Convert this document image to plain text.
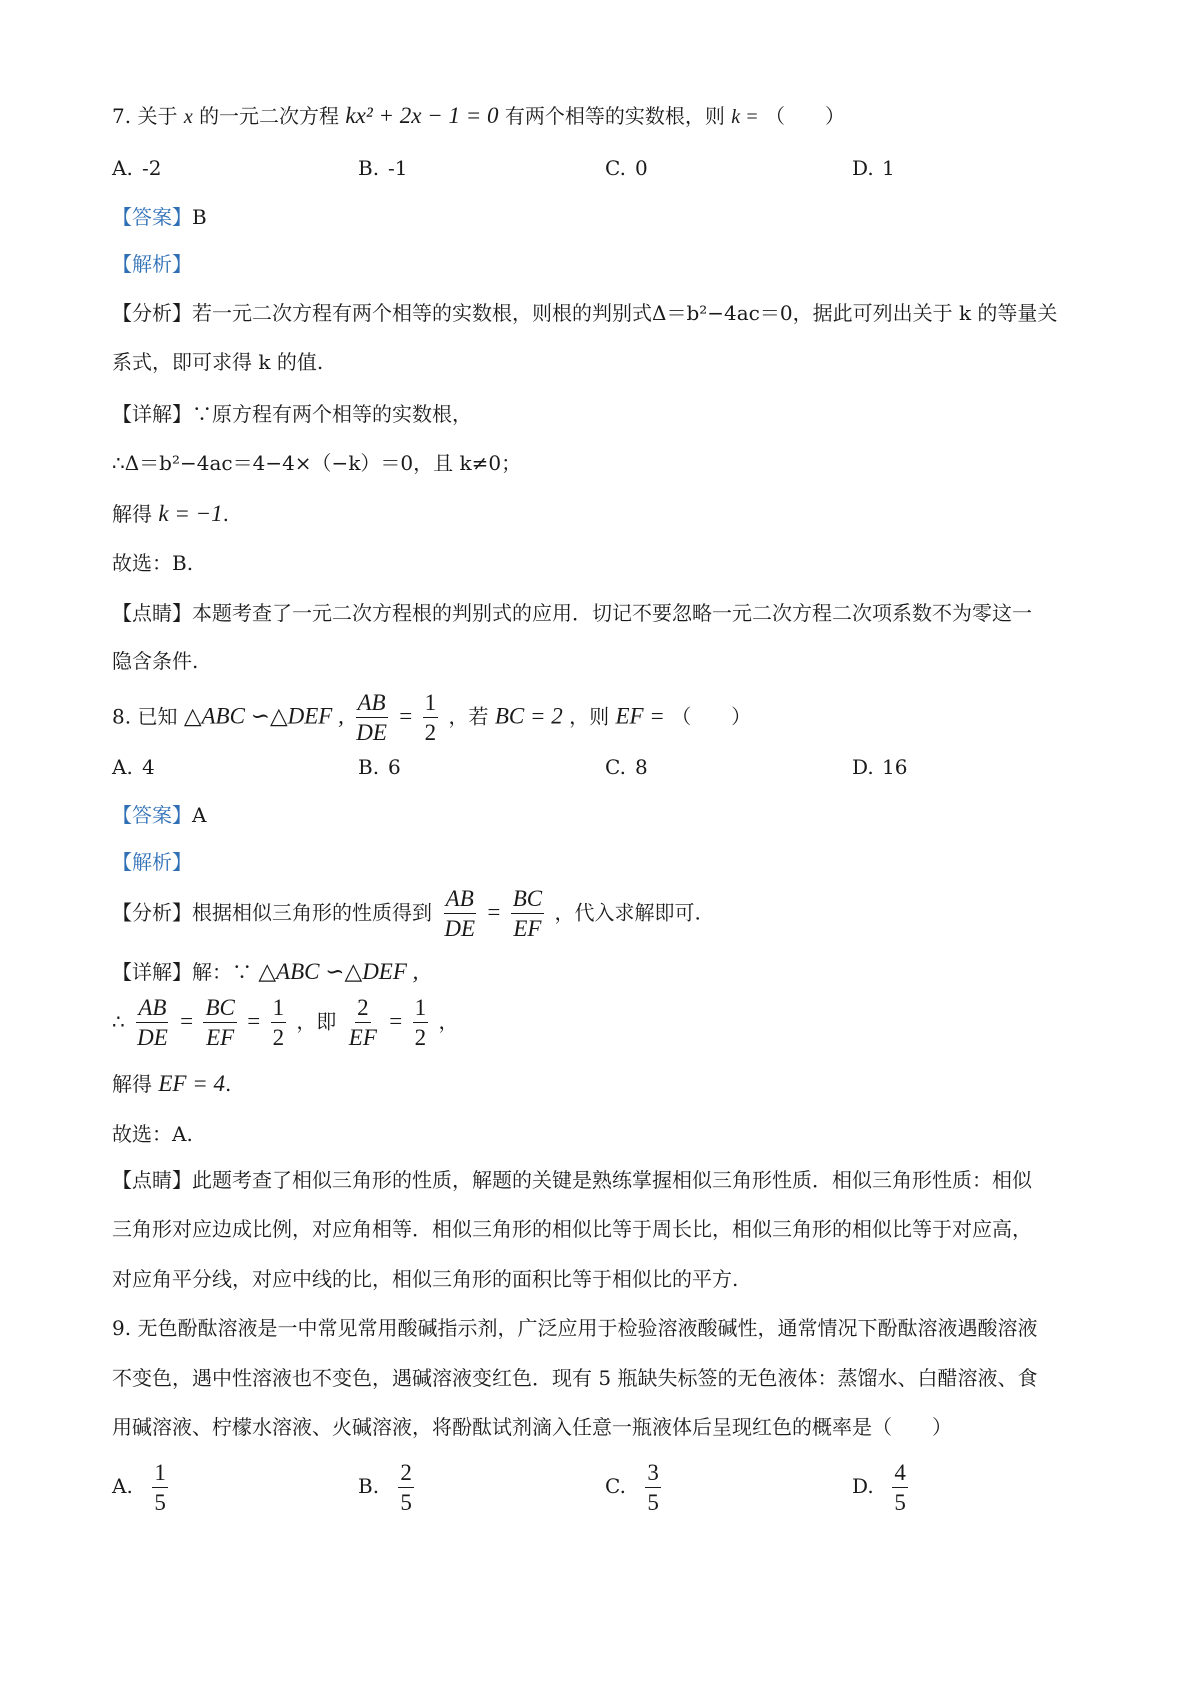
7. 关于 x 的一元二次方程 kx² + 2x − 1 = 0 有两个相等的实数根，则 k = （　　）
A. -2	B. -1	C. 0	D. 1
【答案】B
【解析】
【分析】若一元二次方程有两个相等的实数根，则根的判别式Δ＝b²−4ac＝0，据此可列出关于 k 的等量关
系式，即可求得 k 的值.
【详解】∵原方程有两个相等的实数根，
∴Δ＝b²−4ac＝4−4×（−k）＝0，且 k≠0；
解得 k = −1.
故选：B.
【点睛】本题考查了一元二次方程根的判别式的应用．切记不要忽略一元二次方程二次项系数不为零这一
隐含条件.
8. 已知 △ABC ∽△DEF , $\frac{AB}{DE} = \frac{1}{2}$ ，若 BC = 2 ，则 EF = （　　）
A. 4	B. 6	C. 8	D. 16
【答案】A
【解析】
【分析】根据相似三角形的性质得到 $\frac{AB}{DE} = \frac{BC}{EF}$ ，代入求解即可.
【详解】解：∵ △ABC ∽△DEF ,
∴ $\frac{AB}{DE} = \frac{BC}{EF} = \frac{1}{2}$ ，即 $\frac{2}{EF} = \frac{1}{2}$ ，
解得 EF = 4.
故选：A.
【点睛】此题考查了相似三角形的性质，解题的关键是熟练掌握相似三角形性质．相似三角形性质：相似
三角形对应边成比例，对应角相等．相似三角形的相似比等于周长比，相似三角形的相似比等于对应高，
对应角平分线，对应中线的比，相似三角形的面积比等于相似比的平方.
9. 无色酚酞溶液是一中常见常用酸碱指示剂，广泛应用于检验溶液酸碱性，通常情况下酚酞溶液遇酸溶液
不变色，遇中性溶液也不变色，遇碱溶液变红色．现有 5 瓶缺失标签的无色液体：蒸馏水、白醋溶液、食
用碱溶液、柠檬水溶液、火碱溶液，将酚酞试剂滴入任意一瓶液体后呈现红色的概率是（　　）
A. $\frac{1}{5}$	B. $\frac{2}{5}$	C. $\frac{3}{5}$	D. $\frac{4}{5}$
